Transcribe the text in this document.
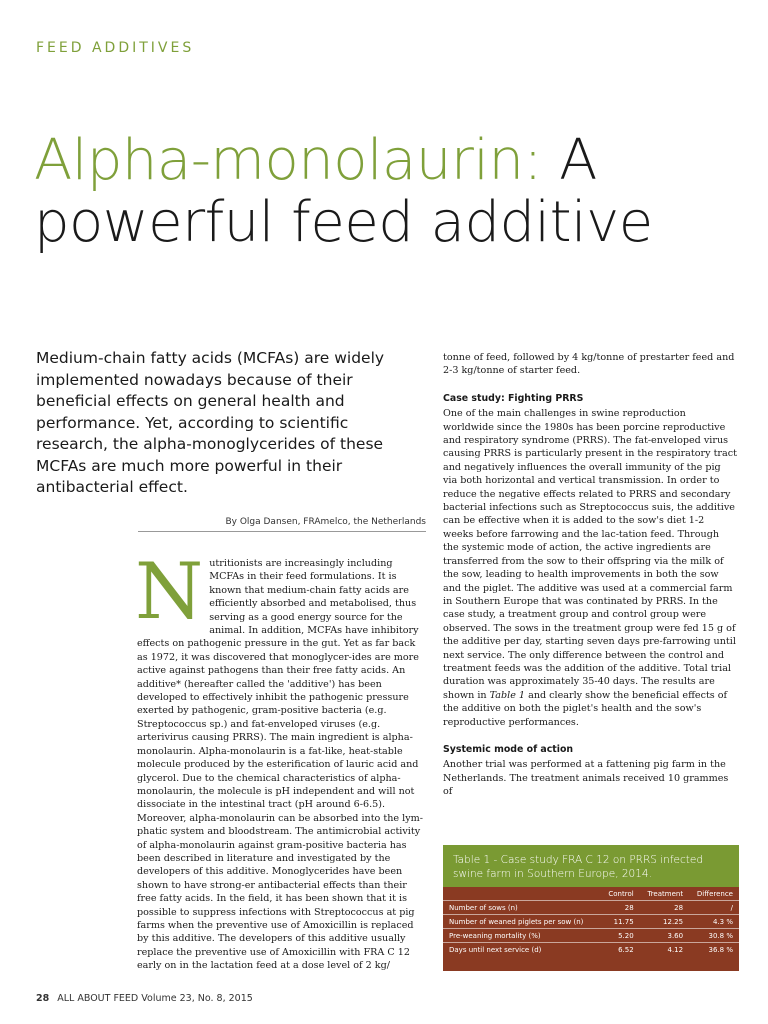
FEED ADDITIVES
Alpha-monolaurin: A
powerful feed additive

Medium-chain fatty acids (MCFAs) are widely implemented nowadays because of their beneficial effects on general health and performance. Yet, according to scientific research, the alpha-monoglycerides of these MCFAs are much more powerful in their antibacterial effect.

By Olga Dansen, FRAmelco, the Netherlands
Nutritionists are increasingly including MCFAs in their feed formulations. It is known that medium-chain fatty acids are efficiently absorbed and metabolised, thus serving as a good energy source for the animal. In addition, MCFAs have inhibitory effects on pathogenic pressure in the gut. Yet as far back as 1972, it was discovered that monoglycer-ides are more active against pathogens than their free fatty acids. An additive* (hereafter called the 'additive') has been developed to effectively inhibit the pathogenic pressure exerted by pathogenic, gram-positive bacteria (e.g. Streptococcus sp.) and fat-enveloped viruses (e.g. arterivirus causing PRRS). The main ingredient is alpha-monolaurin. Alpha-monolaurin is a fat-like, heat-stable molecule produced by the esterification of lauric acid and glycerol. Due to the chemical characteristics of alpha-monolaurin, the molecule is pH independent and will not dissociate in the intestinal tract (pH around 6-6.5). Moreover, alpha-monolaurin can be absorbed into the lym-phatic system and bloodstream. The antimicrobial activity of alpha-monolaurin against gram-positive bacteria has been described in literature and investigated by the developers of this additive. Monoglycerides have been shown to have strong-er antibacterial effects than their free fatty acids. In the field, it has been shown that it is possible to suppress infections with Streptococcus at pig farms when the preventive use of Amoxicillin is replaced by this additive. The developers of this additive usually replace the preventive use of Amoxicillin with FRA C 12 early on in the lactation feed at a dose level of 2 kg/

tonne of feed, followed by 4 kg/tonne of prestarter feed and 2-3 kg/tonne of starter feed.

Case study: Fighting PRRS

One of the main challenges in swine reproduction worldwide since the 1980s has been porcine reproductive and respiratory syndrome (PRRS). The fat-enveloped virus causing PRRS is particularly present in the respiratory tract and negatively influences the overall immunity of the pig via both horizontal and vertical transmission. In order to reduce the negative effects related to PRRS and secondary bacterial infections such as Streptococcus suis, the additive can be effective when it is added to the sow's diet 1-2 weeks before farrowing and the lac-tation feed. Through the systemic mode of action, the active ingredients are transferred from the sow to their offspring via the milk of the sow, leading to health improvements in both the sow and the piglet. The additive was used at a commercial farm in Southern Europe that was continated by PRRS. In the case study, a treatment group and control group were observed. The sows in the treatment group were fed 15 g of the additive per day, starting seven days pre-farrowing until next service. The only difference between the control and treatment feeds was the addition of the additive. Total trial duration was approximately 35-40 days. The results are shown in Table 1 and clearly show the beneficial effects of the additive on both the piglet's health and the sow's reproductive performances.

Systemic mode of action

Another trial was performed at a fattening pig farm in the Netherlands. The treatment animals received 10 grammes of

Table 1 - Case study FRA C 12 on PRRS infected swine farm in Southern Europe, 2014.
	Control	Treatment	Difference
Number of sows (n)	28	28	/
Number of weaned piglets per sow (n)	11.75	12.25	4.3 %
Pre-weaning mortality (%)	5.20	3.60	30.8 %
Days until next service (d)	6.52	4.12	36.8 %
28 ALL ABOUT FEED Volume 23, No. 8, 2015
